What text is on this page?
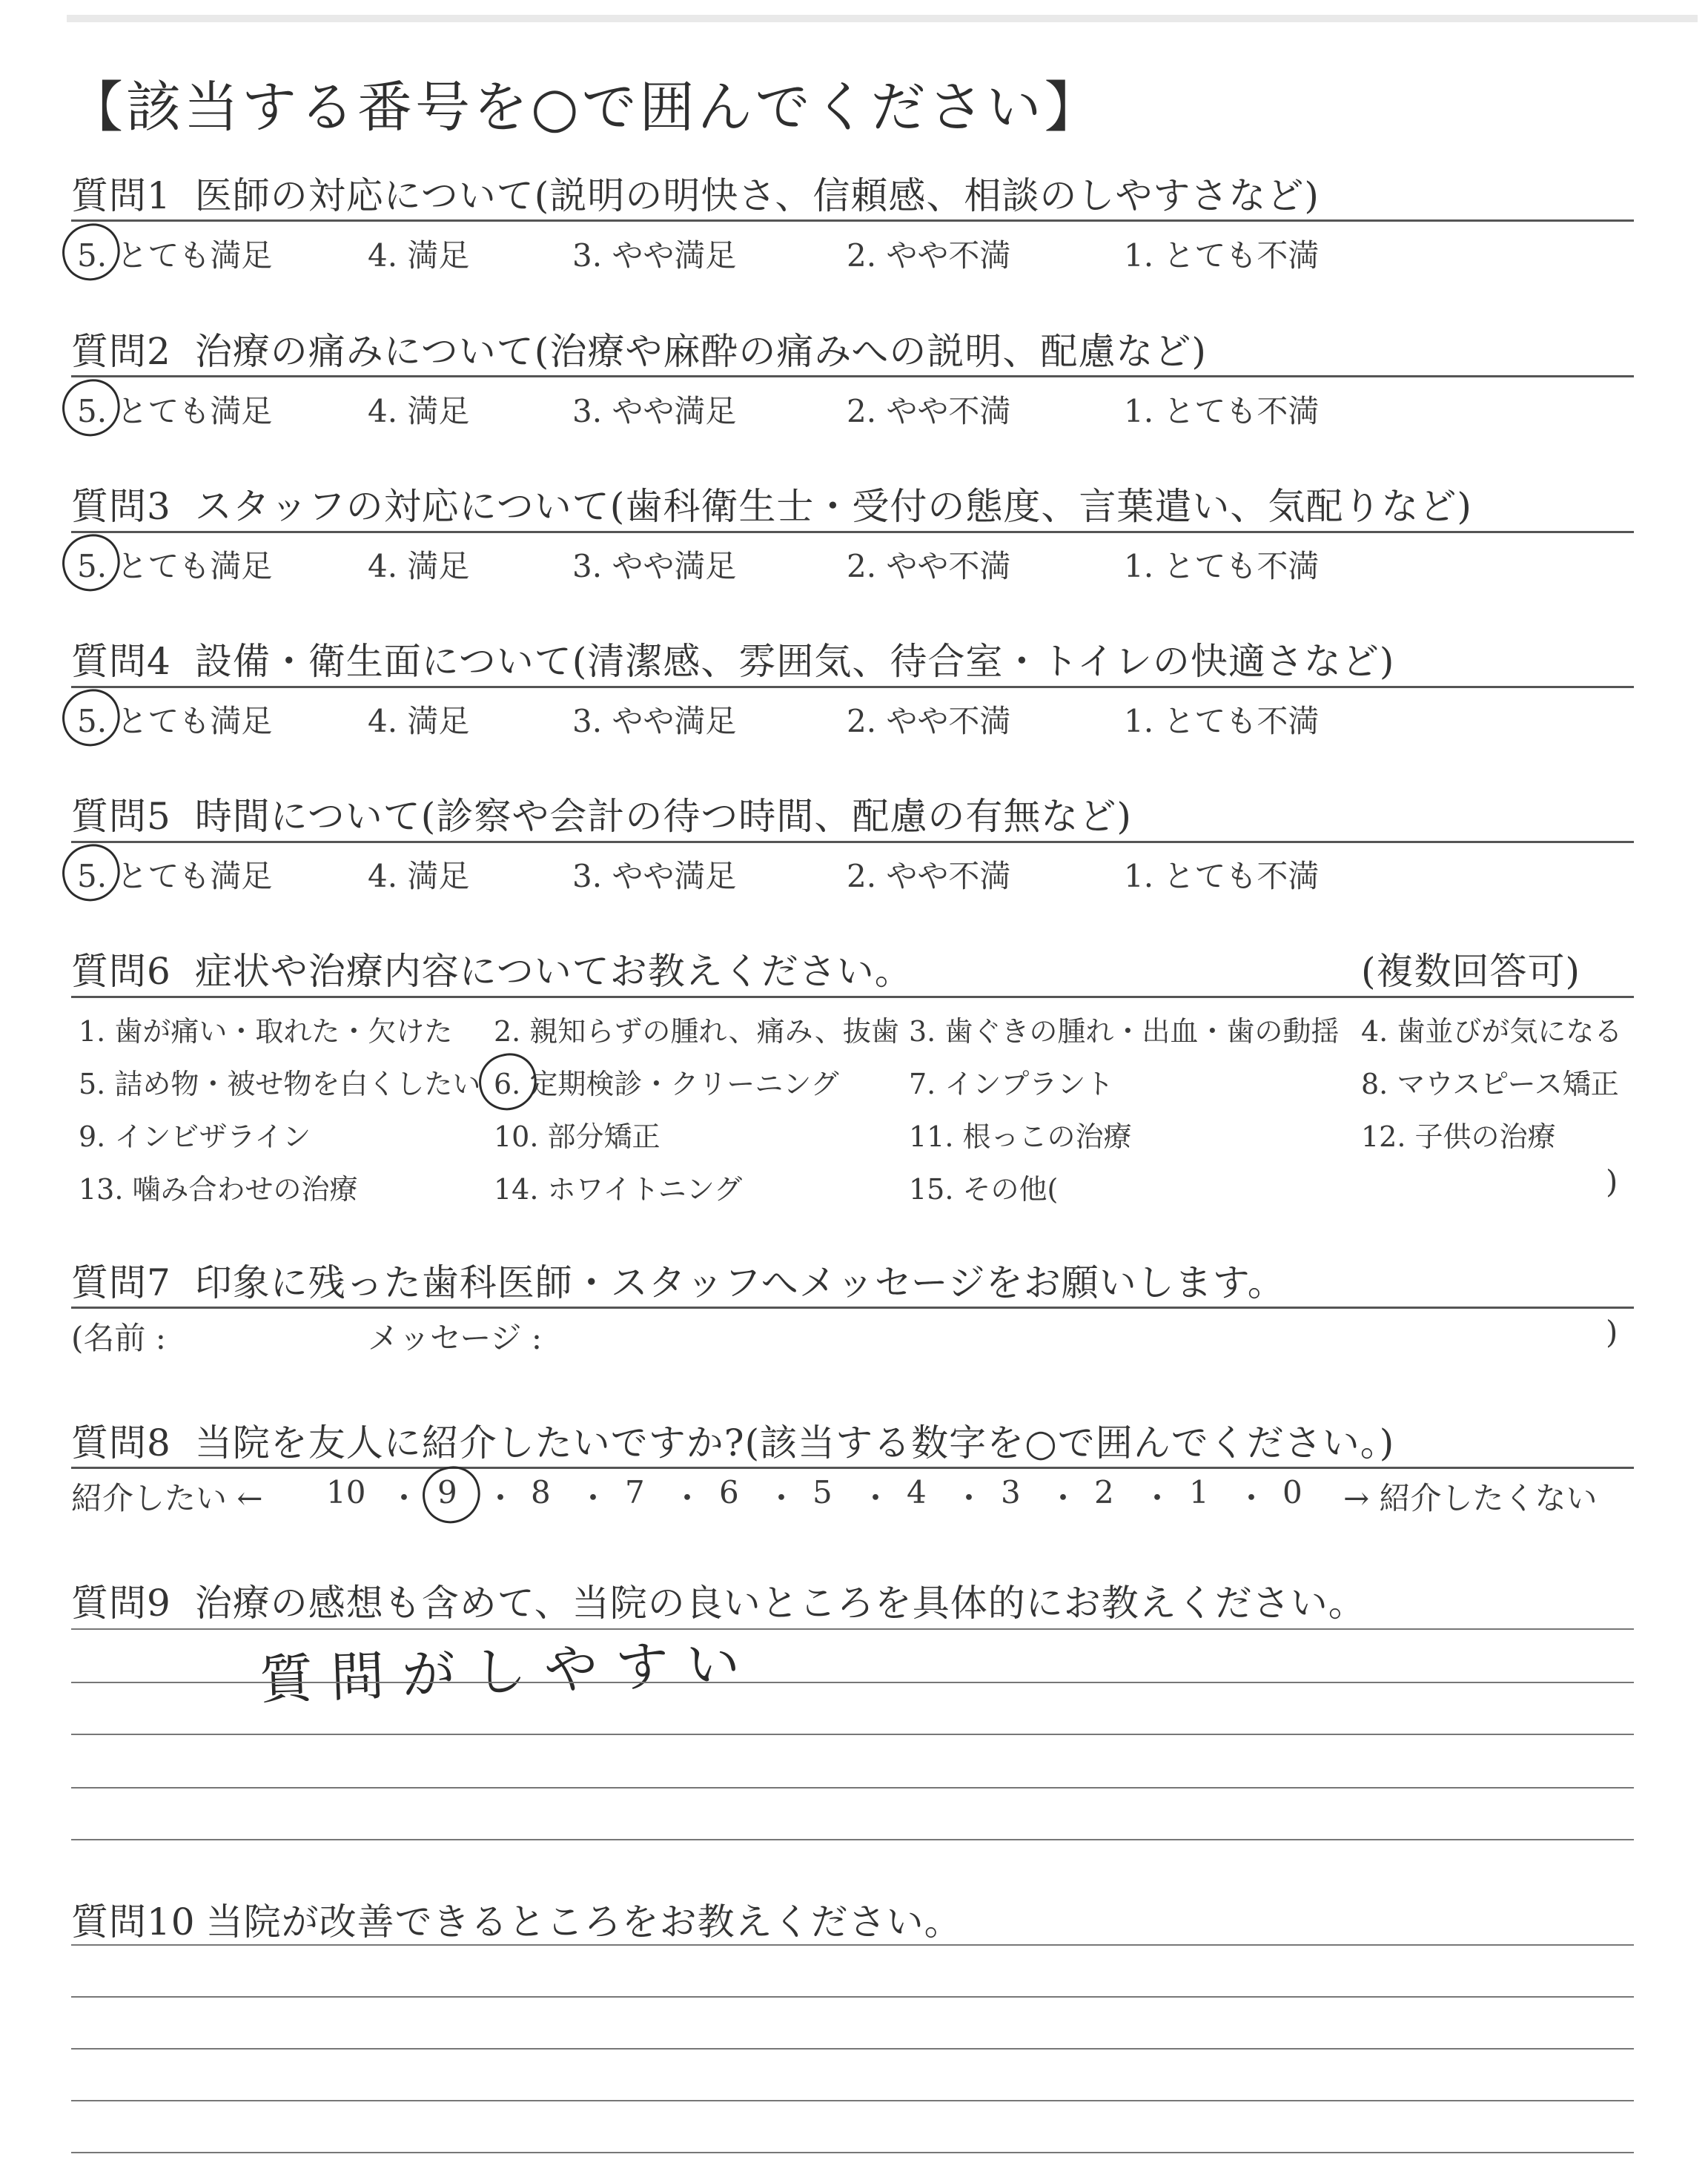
【該当する番号を○で囲んでください】
質問1 医師の対応について(説明の明快さ、信頼感、相談のしやすさなど)
5. とても満足	4. 満足	3. やや満足	2. やや不満	1. とても不満
質問2 治療の痛みについて(治療や麻酔の痛みへの説明、配慮など)
5. とても満足	4. 満足	3. やや満足	2. やや不満	1. とても不満
質問3 スタッフの対応について(歯科衛生士・受付の態度、言葉遣い、気配りなど)
5. とても満足	4. 満足	3. やや満足	2. やや不満	1. とても不満
質問4 設備・衛生面について(清潔感、雰囲気、待合室・トイレの快適さなど)
5. とても満足	4. 満足	3. やや満足	2. やや不満	1. とても不満
質問5 時間について(診察や会計の待つ時間、配慮の有無など)
5. とても満足	4. 満足	3. やや満足	2. やや不満	1. とても不満
質問6 症状や治療内容についてお教えください。	(複数回答可)
1. 歯が痛い・取れた・欠けた 2. 親知らずの腫れ、痛み、抜歯 3. 歯ぐきの腫れ・出血・歯の動揺 4. 歯並びが気になる
5. 詰め物・被せ物を白くしたい 6. 定期検診・クリーニング 7. インプラント	8. マウスピース矯正
9. インビザライン	10. 部分矯正	11. 根っこの治療	12. 子供の治療
13. 噛み合わせの治療	14. ホワイトニング	15. その他(	)
質問7 印象に残った歯科医師・スタッフへメッセージをお願いします。
(名前 :	メッセージ :	)
質問8 当院を友人に紹介したいですか?(該当する数字を○で囲んでください。)
紹介したい ← 10 ・ 9 ・ 8 ・ 7 ・ 6 ・ 5 ・ 4 ・ 3 ・ 2 ・ 1 ・ 0 → 紹介したくない
質問9 治療の感想も含めて、当院の良いところを具体的にお教えください。
質問がしやすい
質問10 当院が改善できるところをお教えください。
